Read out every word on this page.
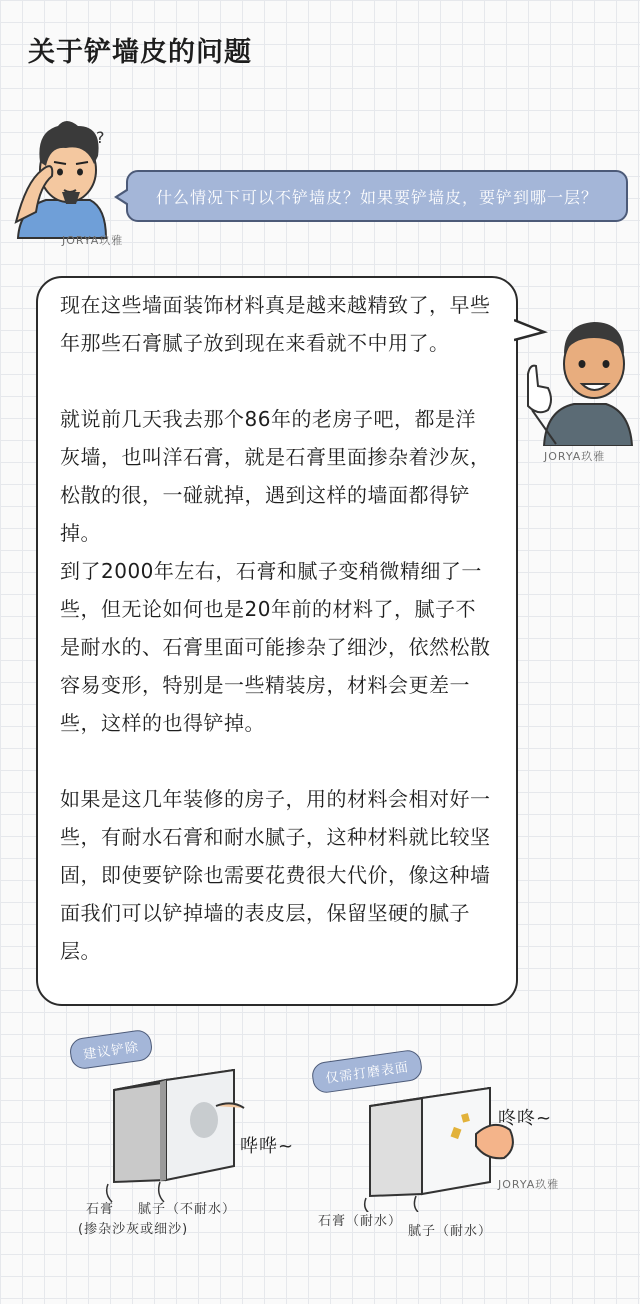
关于铲墙皮的问题
?
JORYA玖雅
什么情况下可以不铲墙皮？如果要铲墙皮，要铲到哪一层？

现在这些墙面装饰材料真是越来越精致了，早些年那些石膏腻子放到现在来看就不中用了。

就说前几天我去那个86年的老房子吧，都是洋灰墙，也叫洋石膏，就是石膏里面掺杂着沙灰，松散的很，一碰就掉，遇到这样的墙面都得铲掉。

到了2000年左右，石膏和腻子变稍微精细了一些，但无论如何也是20年前的材料了，腻子不是耐水的、石膏里面可能掺杂了细沙，依然松散容易变形，特别是一些精装房，材料会更差一些，这样的也得铲掉。

如果是这几年装修的房子，用的材料会相对好一些，有耐水石膏和耐水腻子，这种材料就比较坚固，即使要铲除也需要花费很大代价，像这种墙面我们可以铲掉墙的表皮层，保留坚硬的腻子层。

JORYA玖雅
建议铲除
哗哗~
石膏 腻子（不耐水）
(掺杂沙灰或细沙)
仅需打磨表面
咚咚~
JORYA玖雅
石膏（耐水）
腻子（耐水）
